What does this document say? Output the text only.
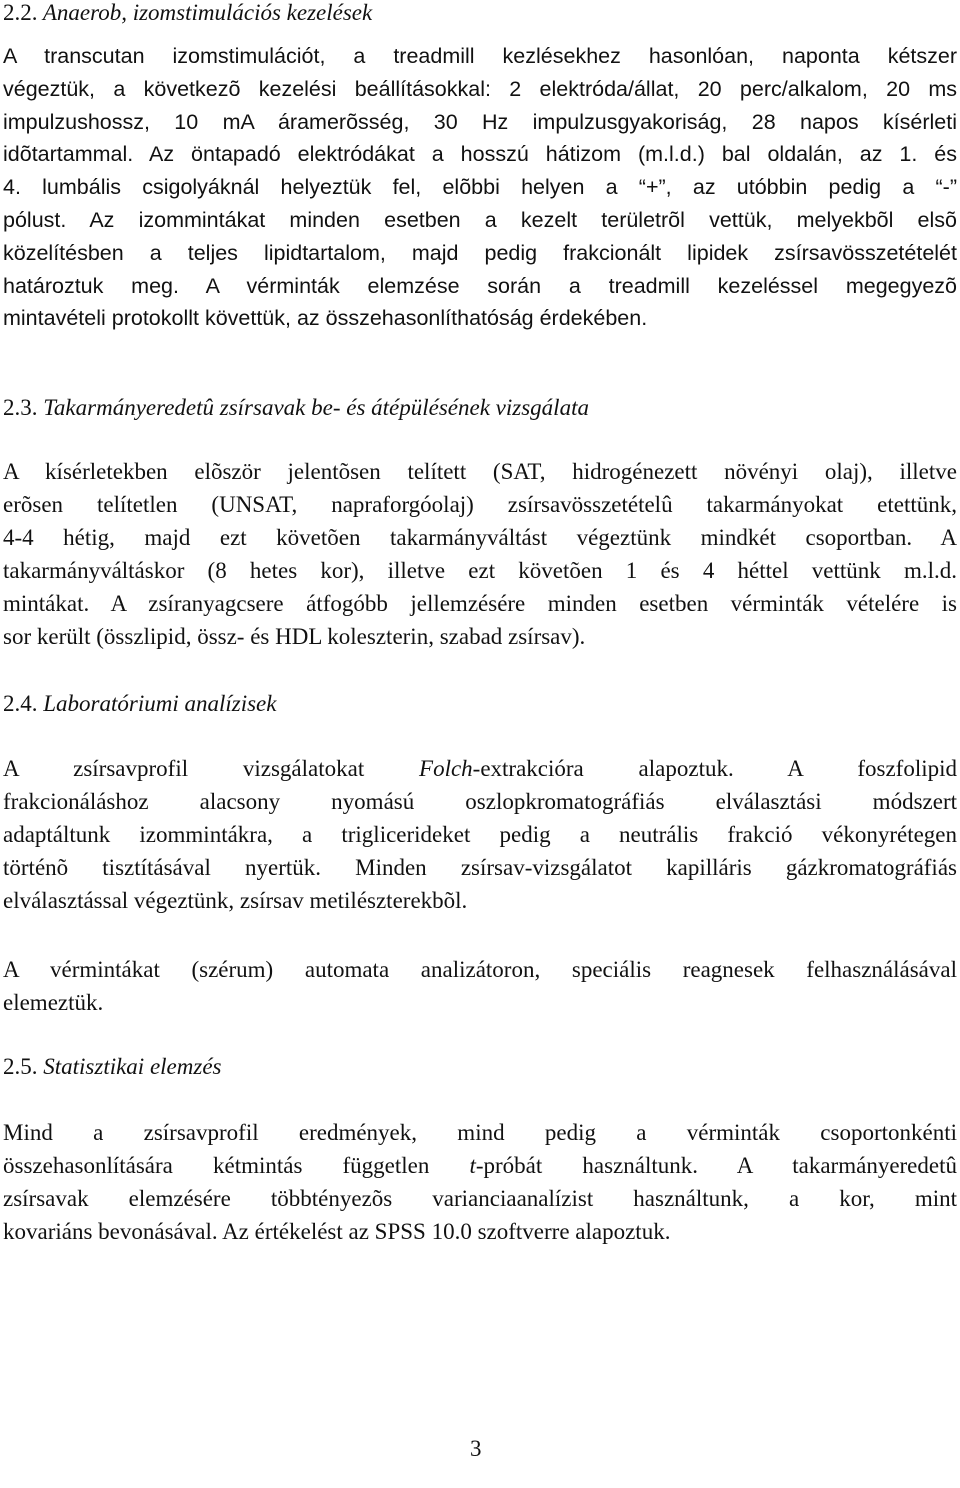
2.2. Anaerob, izomstimulációs kezelések
A transcutan izomstimulációt, a treadmill kezlésekhez hasonlóan, naponta kétszer
végeztük, a következõ kezelési beállításokkal: 2 elektróda/állat, 20 perc/alkalom, 20 ms
impulzushossz, 10 mA áramerõsség, 30 Hz impulzusgyakoriság, 28 napos kísérleti
idõtartammal. Az öntapadó elektródákat a hosszú hátizom (m.l.d.) bal oldalán, az 1. és
4. lumbális csigolyáknál helyeztük fel, elõbbi helyen a “+”, az utóbbin pedig a “-”
pólust. Az izommintákat minden esetben a kezelt területrõl vettük, melyekbõl elsõ
közelítésben a teljes lipidtartalom, majd pedig frakcionált lipidek zsírsavösszetételét
határoztuk meg. A vérminták elemzése során a treadmill kezeléssel megegyezõ
mintavételi protokollt követtük, az összehasonlíthatóság érdekében.
2.3. Takarmányeredetû zsírsavak be- és átépülésének vizsgálata
A kísérletekben elõször jelentõsen telített (SAT, hidrogénezett növényi olaj), illetve
erõsen telítetlen (UNSAT, napraforgóolaj) zsírsavösszetételû takarmányokat etettünk,
4-4 hétig, majd ezt követõen takarmányváltást végeztünk mindkét csoportban. A
takarmányváltáskor (8 hetes kor), illetve ezt követõen 1 és 4 héttel vettünk m.l.d.
mintákat. A zsíranyagcsere átfogóbb jellemzésére minden esetben vérminták vételére is
sor került (összlipid, össz- és HDL koleszterin, szabad zsírsav).
2.4. Laboratóriumi analízisek
A zsírsavprofil vizsgálatokat Folch-extrakcióra alapoztuk. A foszfolipid
frakcionáláshoz alacsony nyomású oszlopkromatográfiás elválasztási módszert
adaptáltunk izommintákra, a triglicerideket pedig a neutrális frakció vékonyrétegen
történõ tisztításával nyertük. Minden zsírsav-vizsgálatot kapilláris gázkromatográfiás
elválasztással végeztünk, zsírsav metilészterekbõl.
A vérmintákat (szérum) automata analizátoron, speciális reagnesek felhasználásával
elemeztük.
2.5. Statisztikai elemzés
Mind a zsírsavprofil eredmények, mind pedig a vérminták csoportonkénti
összehasonlítására kétmintás független t-próbát használtunk. A takarmányeredetû
zsírsavak elemzésére többtényezõs varianciaanalízist használtunk, a kor, mint
kovariáns bevonásával. Az értékelést az SPSS 10.0 szoftverre alapoztuk.
3
